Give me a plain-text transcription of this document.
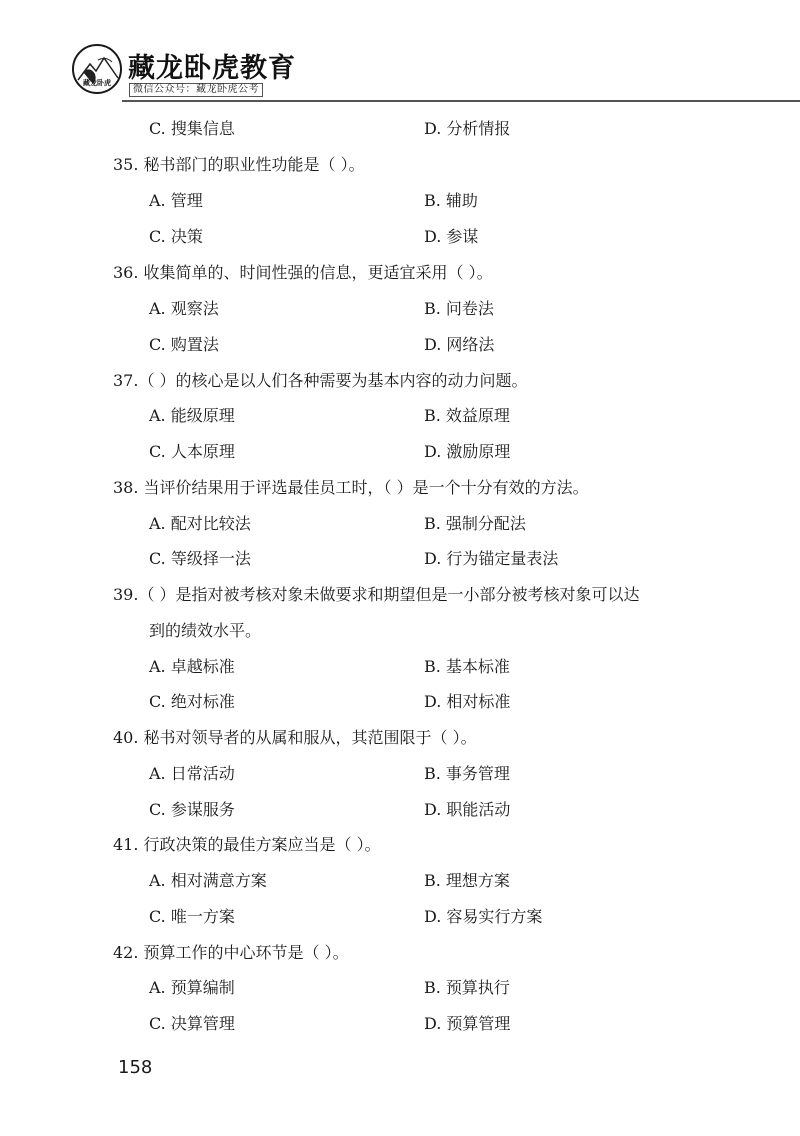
藏龙卧虎 藏龙卧虎教育
微信公众号：藏龙卧虎公考
C. 搜集信息	D. 分析情报
35. 秘书部门的职业性功能是（ ）。
A. 管理	B. 辅助
C. 决策	D. 参谋
36. 收集简单的、时间性强的信息，更适宜采用（ ）。
A. 观察法	B. 问卷法
C. 购置法	D. 网络法
37.（ ）的核心是以人们各种需要为基本内容的动力问题。
A. 能级原理	B. 效益原理
C. 人本原理	D. 激励原理
38. 当评价结果用于评选最佳员工时，（ ）是一个十分有效的方法。
A. 配对比较法	B. 强制分配法
C. 等级择一法	D. 行为锚定量表法
39.（ ）是指对被考核对象未做要求和期望但是一小部分被考核对象可以达
到的绩效水平。
A. 卓越标准	B. 基本标准
C. 绝对标准	D. 相对标准
40. 秘书对领导者的从属和服从，其范围限于（ ）。
A. 日常活动	B. 事务管理
C. 参谋服务	D. 职能活动
41. 行政决策的最佳方案应当是（ ）。
A. 相对满意方案	B. 理想方案
C. 唯一方案	D. 容易实行方案
42. 预算工作的中心环节是（ ）。
A. 预算编制	B. 预算执行
C. 决算管理	D. 预算管理
158
